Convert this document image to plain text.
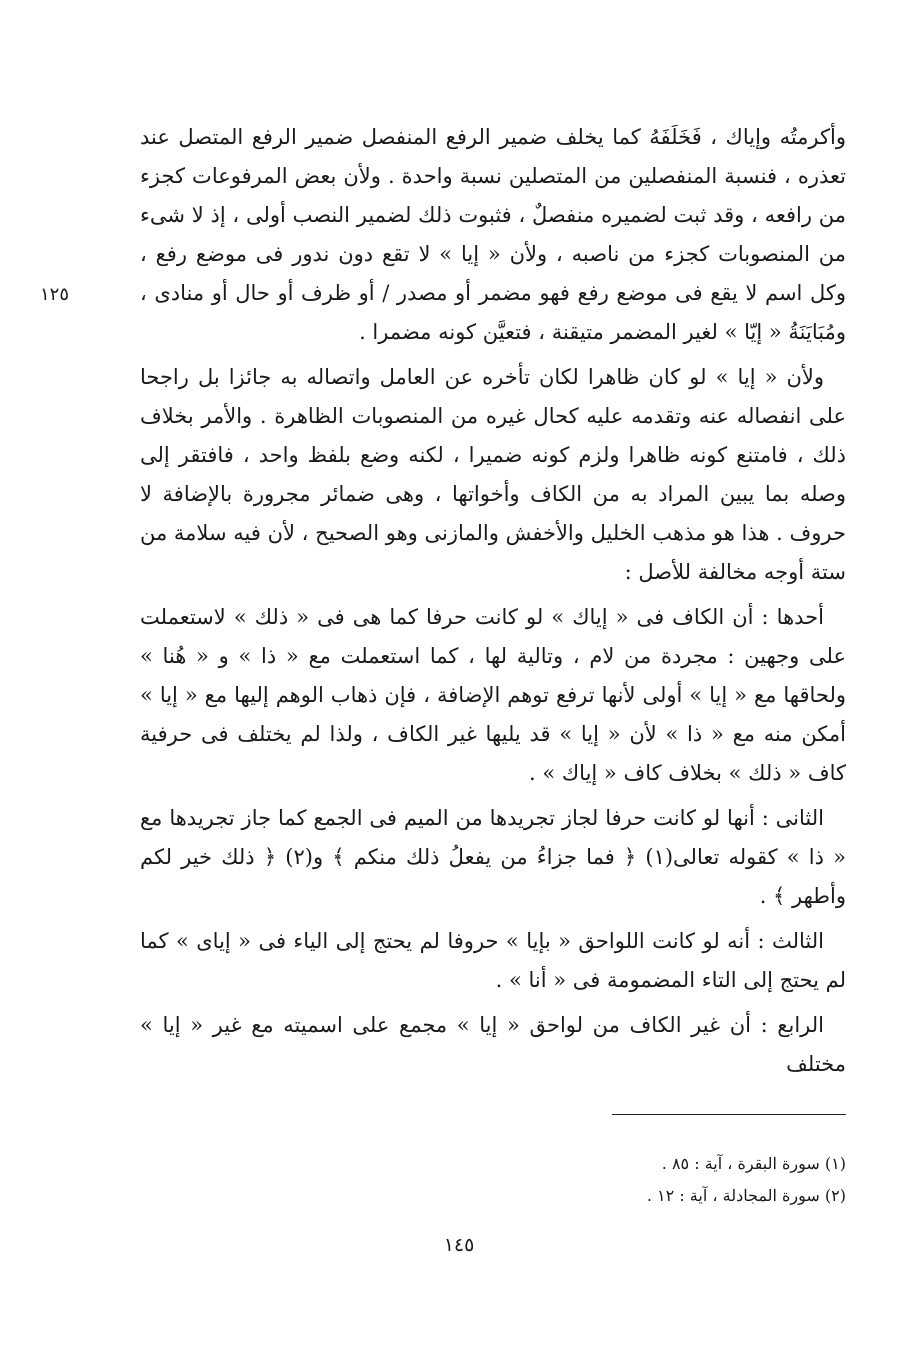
١٢٥

وأكرمتُه وإياك ، فَخَلَفَهُ كما يخلف ضمير الرفع المنفصل ضمير الرفع المتصل عند تعذره ، فنسبة المنفصلين من المتصلين نسبة واحدة . ولأن بعض المرفوعات كجزء من رافعه ، وقد ثبت لضميره منفصلٌ ، فثبوت ذلك لضمير النصب أولى ، إذ لا شىء من المنصوبات كجزء من ناصبه ، ولأن « إيا » لا تقع دون ندور فى موضع رفع ، وكل اسم لا يقع فى موضع رفع فهو مضمر أو مصدر / أو ظرف أو حال أو منادى ، ومُبَايَنَةُ « إيّا » لغير المضمر متيقنة ، فتعيَّن كونه مضمرا .

ولأن « إيا » لو كان ظاهرا لكان تأخره عن العامل واتصاله به جائزا بل راجحا على انفصاله عنه وتقدمه عليه كحال غيره من المنصوبات الظاهرة . والأمر بخلاف ذلك ، فامتنع كونه ظاهرا ولزم كونه ضميرا ، لكنه وضع بلفظ واحد ، فافتقر إلى وصله بما يبين المراد به من الكاف وأخواتها ، وهى ضمائر مجرورة بالإضافة لا حروف . هذا هو مذهب الخليل والأخفش والمازنى وهو الصحيح ، لأن فيه سلامة من ستة أوجه مخالفة للأصل :

أحدها : أن الكاف فى « إياك » لو كانت حرفا كما هى فى « ذلك » لاستعملت على وجهين : مجردة من لام ، وتالية لها ، كما استعملت مع « ذا » و « هُنا » ولحاقها مع « إيا » أولى لأنها ترفع توهم الإضافة ، فإن ذهاب الوهم إليها مع « إيا » أمكن منه مع « ذا » لأن « إيا » قد يليها غير الكاف ، ولذا لم يختلف فى حرفية كاف « ذلك » بخلاف كاف « إياك » .

الثانى : أنها لو كانت حرفا لجاز تجريدها من الميم فى الجمع كما جاز تجريدها مع « ذا » كقوله تعالى(١) ﴿ فما جزاءُ من يفعلُ ذلك منكم ﴾ و(٢) ﴿ ذلك خير لكم وأطهر ﴾ .

الثالث : أنه لو كانت اللواحق « بإيا » حروفا لم يحتج إلى الياء فى « إياى » كما لم يحتج إلى التاء المضمومة فى « أنا » .

الرابع : أن غير الكاف من لواحق « إيا » مجمع على اسميته مع غير « إيا » مختلف

(١) سورة البقرة ، آية : ٨٥ .

(٢) سورة المجادلة ، آية : ١٢ .

١٤٥
